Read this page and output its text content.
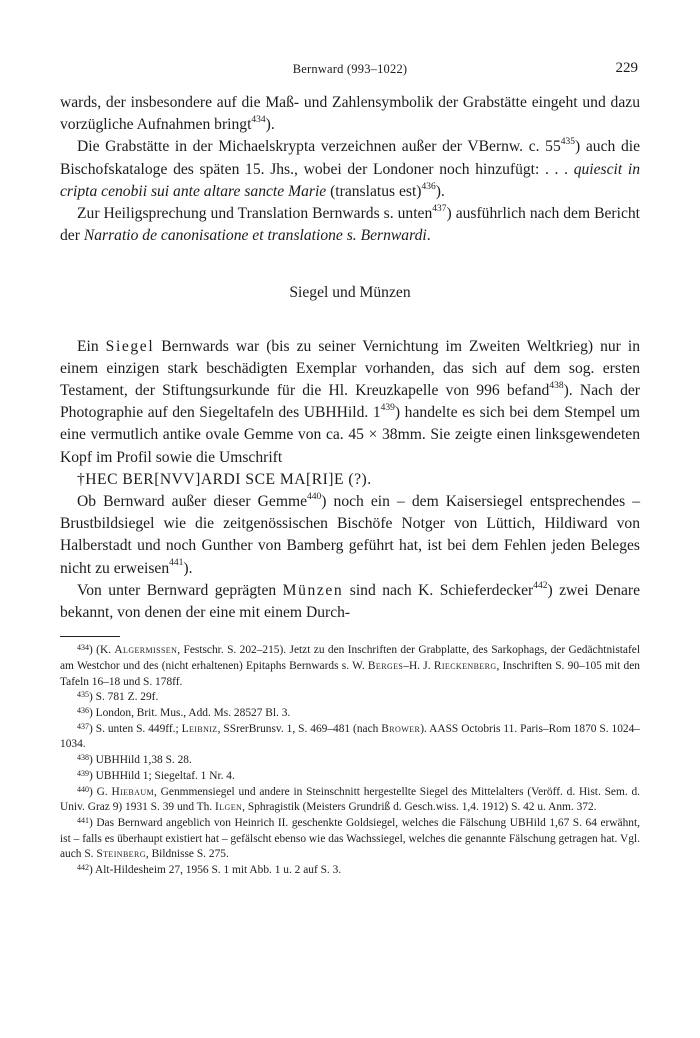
Bernward (993–1022)	229

wards, der insbesondere auf die Maß- und Zahlensymbolik der Grabstätte eingeht und dazu vorzügliche Aufnahmen bringt$^{434}$).

Die Grabstätte in der Michaelskrypta verzeichnen außer der VBernw. c. $55^{435}$) auch die Bischofskataloge des späten 15. Jhs., wobei der Londoner noch hinzufügt: . . . quiescit in cripta cenobii sui ante altare sancte Marie (translatus est)$^{436}$).

Zur Heiligsprechung und Translation Bernwards s. unten$^{437}$) ausführlich nach dem Bericht der Narratio de canonisatione et translatione s. Bernwardi.

Siegel und Münzen

Ein Siegel Bernwards war (bis zu seiner Vernichtung im Zweiten Weltkrieg) nur in einem einzigen stark beschädigten Exemplar vorhanden, das sich auf dem sog. ersten Testament, der Stiftungsurkunde für die Hl. Kreuzkapelle von 996 befand$^{438}$). Nach der Photographie auf den Siegeltafeln des UBHHild. $1^{439}$) handelte es sich bei dem Stempel um eine vermutlich antike ovale Gemme von ca. 45 × 38mm. Sie zeigte einen linksgewendeten Kopf im Profil sowie die Umschrift

†HEC BER[NVV]ARDI SCE MA[RI]E (?).

Ob Bernward außer dieser Gemme$^{440}$) noch ein – dem Kaisersiegel entsprechendes – Brustbildsiegel wie die zeitgenössischen Bischöfe Notger von Lüttich, Hildiward von Halberstadt und noch Gunther von Bamberg geführt hat, ist bei dem Fehlen jeden Beleges nicht zu erweisen$^{441}$).

Von unter Bernward geprägten Münzen sind nach K. Schieferdecker$^{442}$) zwei Denare bekannt, von denen der eine mit einem Durch-

$^{434}$) (K. Algermissen, Festschr. S. 202–215). Jetzt zu den Inschriften der Grabplatte, des Sarkophags, der Gedächtnistafel am Westchor und des (nicht erhaltenen) Epitaphs Bernwards s. W. Berges–H. J. Rieckenberg, Inschriften S. 90–105 mit den Tafeln 16–18 und S. 178ff.

$^{435}$) S. 781 Z. 29f.

$^{436}$) London, Brit. Mus., Add. Ms. 28527 Bl. 3.

$^{437}$) S. unten S. 449ff.; Leibniz, SSrerBrunsv. 1, S. 469–481 (nach Brower). AASS Octobris 11. Paris–Rom 1870 S. 1024–1034.

$^{438}$) UBHHild 1,38 S. 28.

$^{439}$) UBHHild 1; Siegeltaf. 1 Nr. 4.

$^{440}$) G. Hiebaum, Genmmensiegel und andere in Steinschnitt hergestellte Siegel des Mittelalters (Veröff. d. Hist. Sem. d. Univ. Graz 9) 1931 S. 39 und Th. Ilgen, Sphragistik (Meisters Grundriß d. Gesch.wiss. 1,4. 1912) S. 42 u. Anm. 372.

$^{441}$) Das Bernward angeblich von Heinrich II. geschenkte Goldsiegel, welches die Fälschung UBHild 1,67 S. 64 erwähnt, ist – falls es überhaupt existiert hat – gefälscht ebenso wie das Wachssiegel, welches die genannte Fälschung getragen hat. Vgl. auch S. Steinberg, Bildnisse S. 275.

$^{442}$) Alt-Hildesheim 27, 1956 S. 1 mit Abb. 1 u. 2 auf S. 3.
